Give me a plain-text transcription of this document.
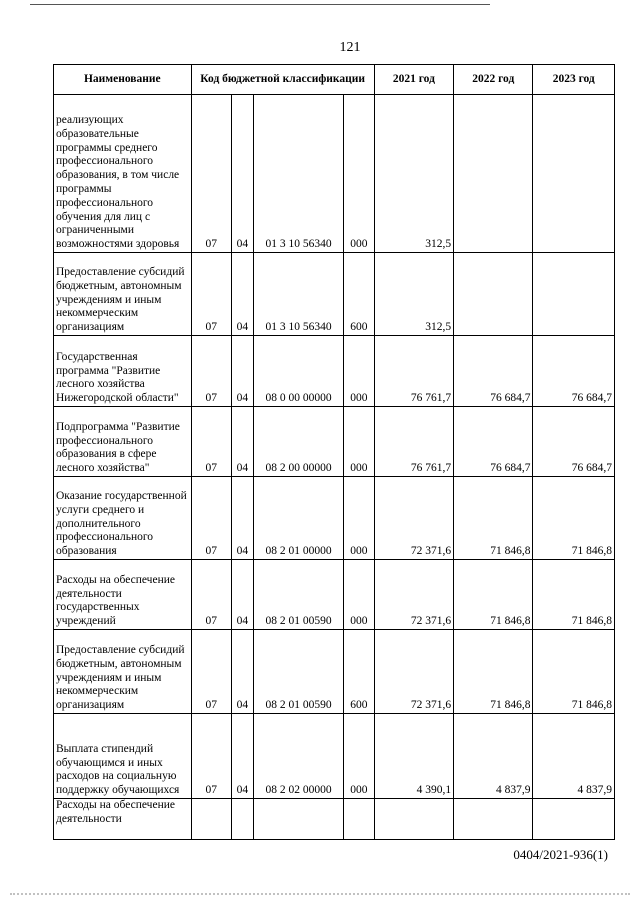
121
Наименование	Код бюджетной классификации				2021 год	2022 год	2023 год
реализующих образовательные программы среднего профессионального образования, в том числе программы профессионального обучения для лиц с ограниченными возможностями здоровья	07	04	01 3 10 56340	000	312,5		
Предоставление субсидий бюджетным, автономным учреждениям и иным некоммерческим организациям	07	04	01 3 10 56340	600	312,5		
Государственная программа "Развитие лесного хозяйства Нижегородской области"	07	04	08 0 00 00000	000	76 761,7	76 684,7	76 684,7
Подпрограмма "Развитие профессионального образования в сфере лесного хозяйства"	07	04	08 2 00 00000	000	76 761,7	76 684,7	76 684,7
Оказание государственной услуги среднего и дополнительного профессионального образования	07	04	08 2 01 00000	000	72 371,6	71 846,8	71 846,8
Расходы на обеспечение деятельности государственных учреждений	07	04	08 2 01 00590	000	72 371,6	71 846,8	71 846,8
Предоставление субсидий бюджетным, автономным учреждениям и иным некоммерческим организациям	07	04	08 2 01 00590	600	72 371,6	71 846,8	71 846,8
Выплата стипендий обучающимся и иных расходов на социальную поддержку обучающихся	07	04	08 2 02 00000	000	4 390,1	4 837,9	4 837,9
Расходы на обеспечение деятельности							
0404/2021-936(1)
